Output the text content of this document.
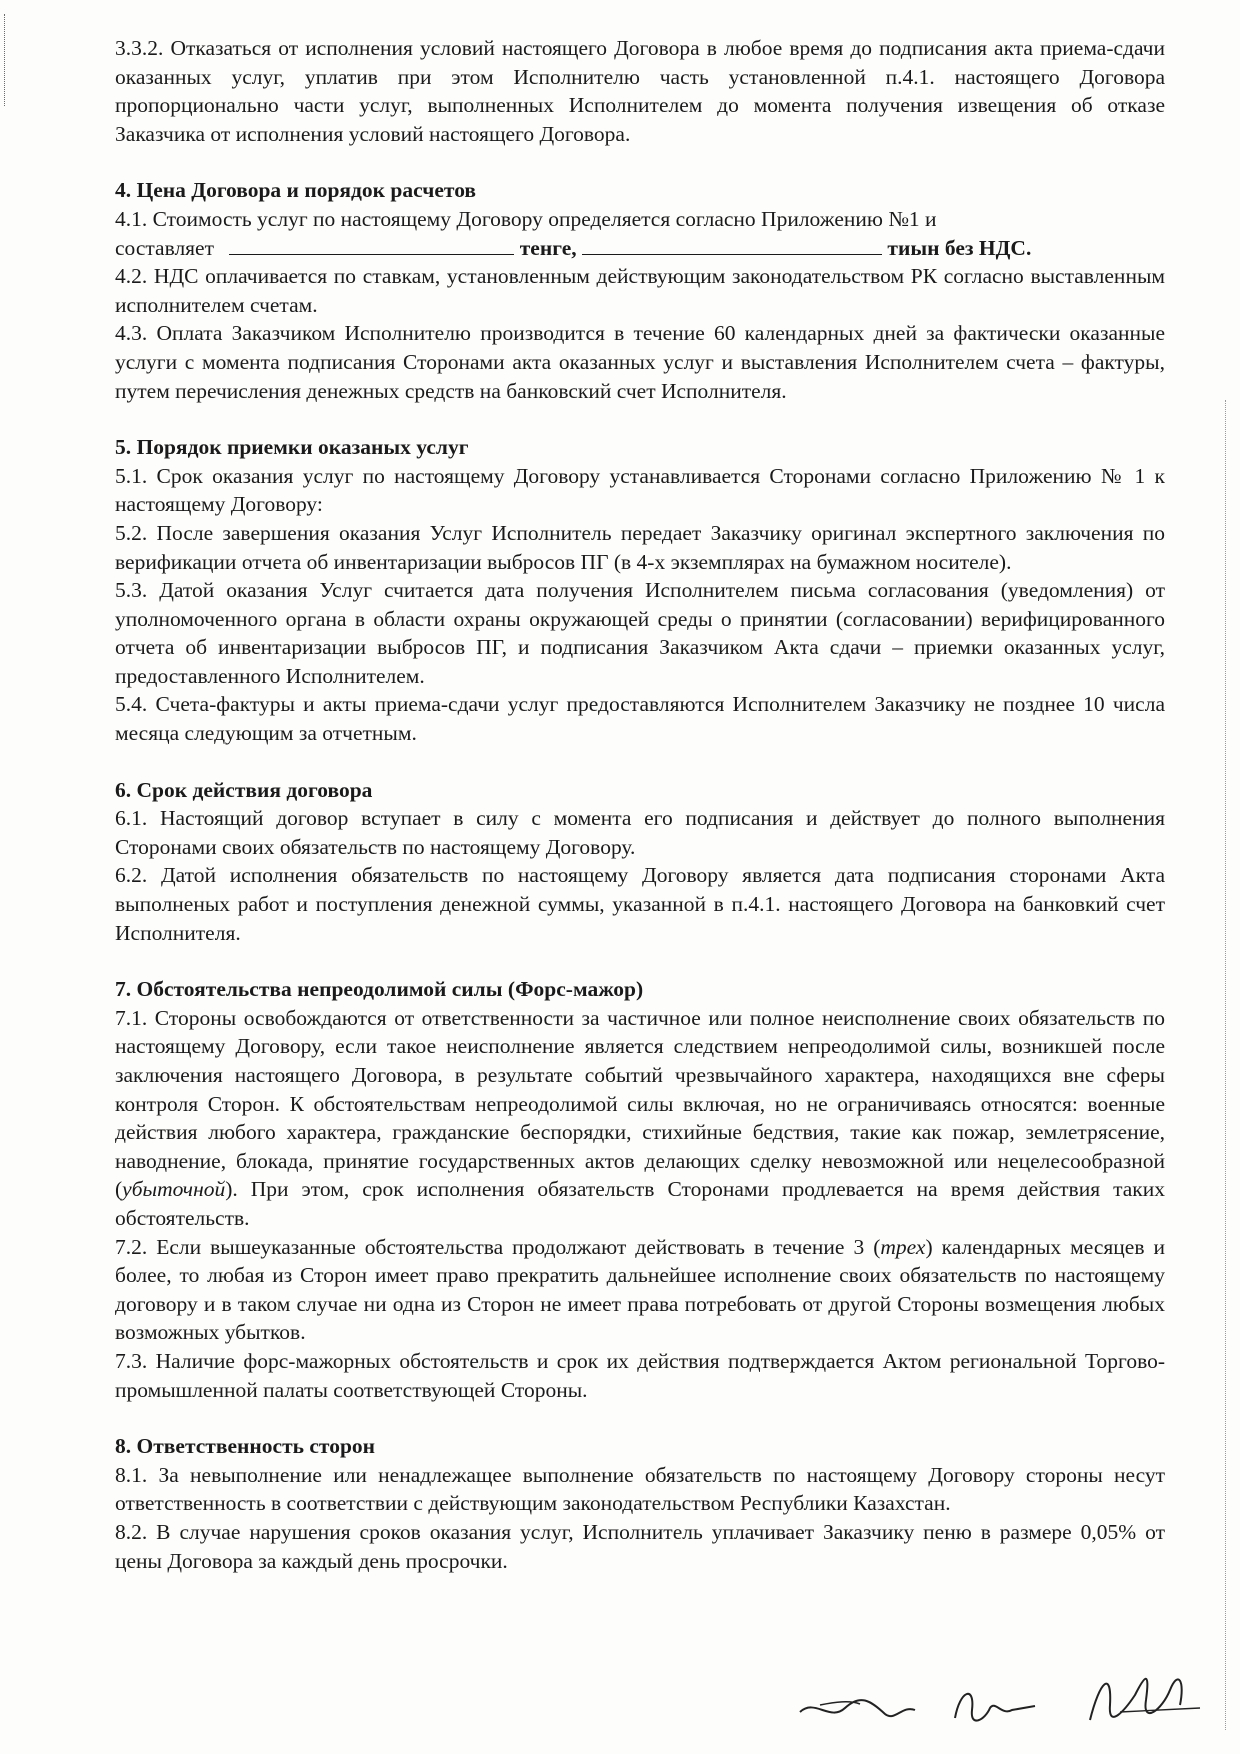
3.3.2. Отказаться от исполнения условий настоящего Договора в любое время до подписания акта приема-сдачи оказанных услуг, уплатив при этом Исполнителю часть установленной п.4.1. настоящего Договора пропорционально части услуг, выполненных Исполнителем до момента получения извещения об отказе Заказчика от исполнения условий настоящего Договора.

4. Цена Договора и порядок расчетов

4.1. Стоимость услуг по настоящему Договору определяется согласно Приложению №1 и
составляет	тенге,	тиын без НДС.

4.2. НДС оплачивается по ставкам, установленным действующим законодательством РК согласно выставленным исполнителем счетам.

4.3. Оплата Заказчиком Исполнителю производится в течение 60 календарных дней за фактически оказанные услуги с момента подписания Сторонами акта оказанных услуг и выставления Исполнителем счета – фактуры, путем перечисления денежных средств на банковский счет Исполнителя.

5. Порядок приемки оказаных услуг

5.1. Срок оказания услуг по настоящему Договору устанавливается Сторонами согласно Приложению № 1 к настоящему Договору:

5.2. После завершения оказания Услуг Исполнитель передает Заказчику оригинал экспертного заключения по верификации отчета об инвентаризации выбросов ПГ (в 4-х экземплярах на бумажном носителе).

5.3. Датой оказания Услуг считается дата получения Исполнителем письма согласования (уведомления) от уполномоченного органа в области охраны окружающей среды о принятии (согласовании) верифицированного отчета об инвентаризации выбросов ПГ, и подписания Заказчиком Акта сдачи – приемки оказанных услуг, предоставленного Исполнителем.

5.4. Счета-фактуры и акты приема-сдачи услуг предоставляются Исполнителем Заказчику не позднее 10 числа месяца следующим за отчетным.

6. Срок действия договора

6.1. Настоящий договор вступает в силу с момента его подписания и действует до полного выполнения Сторонами своих обязательств по настоящему Договору.

6.2. Датой исполнения обязательств по настоящему Договору является дата подписания сторонами Акта выполненых работ и поступления денежной суммы, указанной в п.4.1. настоящего Договора на банковкий счет Исполнителя.

7. Обстоятельства непреодолимой силы (Форс-мажор)

7.1. Стороны освобождаются от ответственности за частичное или полное неисполнение своих обязательств по настоящему Договору, если такое неисполнение является следствием непреодолимой силы, возникшей после заключения настоящего Договора, в результате событий чрезвычайного характера, находящихся вне сферы контроля Сторон. К обстоятельствам непреодолимой силы включая, но не ограничиваясь относятся: военные действия любого характера, гражданские беспорядки, стихийные бедствия, такие как пожар, землетрясение, наводнение, блокада, принятие государственных актов делающих сделку невозможной или нецелесообразной (убыточной). При этом, срок исполнения обязательств Сторонами продлевается на время действия таких обстоятельств.

7.2. Если вышеуказанные обстоятельства продолжают действовать в течение 3 (трех) календарных месяцев и более, то любая из Сторон имеет право прекратить дальнейшее исполнение своих обязательств по настоящему договору и в таком случае ни одна из Сторон не имеет права потребовать от другой Стороны возмещения любых возможных убытков.

7.3. Наличие форс-мажорных обстоятельств и срок их действия подтверждается Актом региональной Торгово-промышленной палаты соответствующей Стороны.

8. Ответственность сторон

8.1. За невыполнение или ненадлежащее выполнение обязательств по настоящему Договору стороны несут ответственность в соответствии с действующим законодательством Республики Казахстан.

8.2. В случае нарушения сроков оказания услуг, Исполнитель уплачивает Заказчику пеню в размере 0,05% от цены Договора за каждый день просрочки.
